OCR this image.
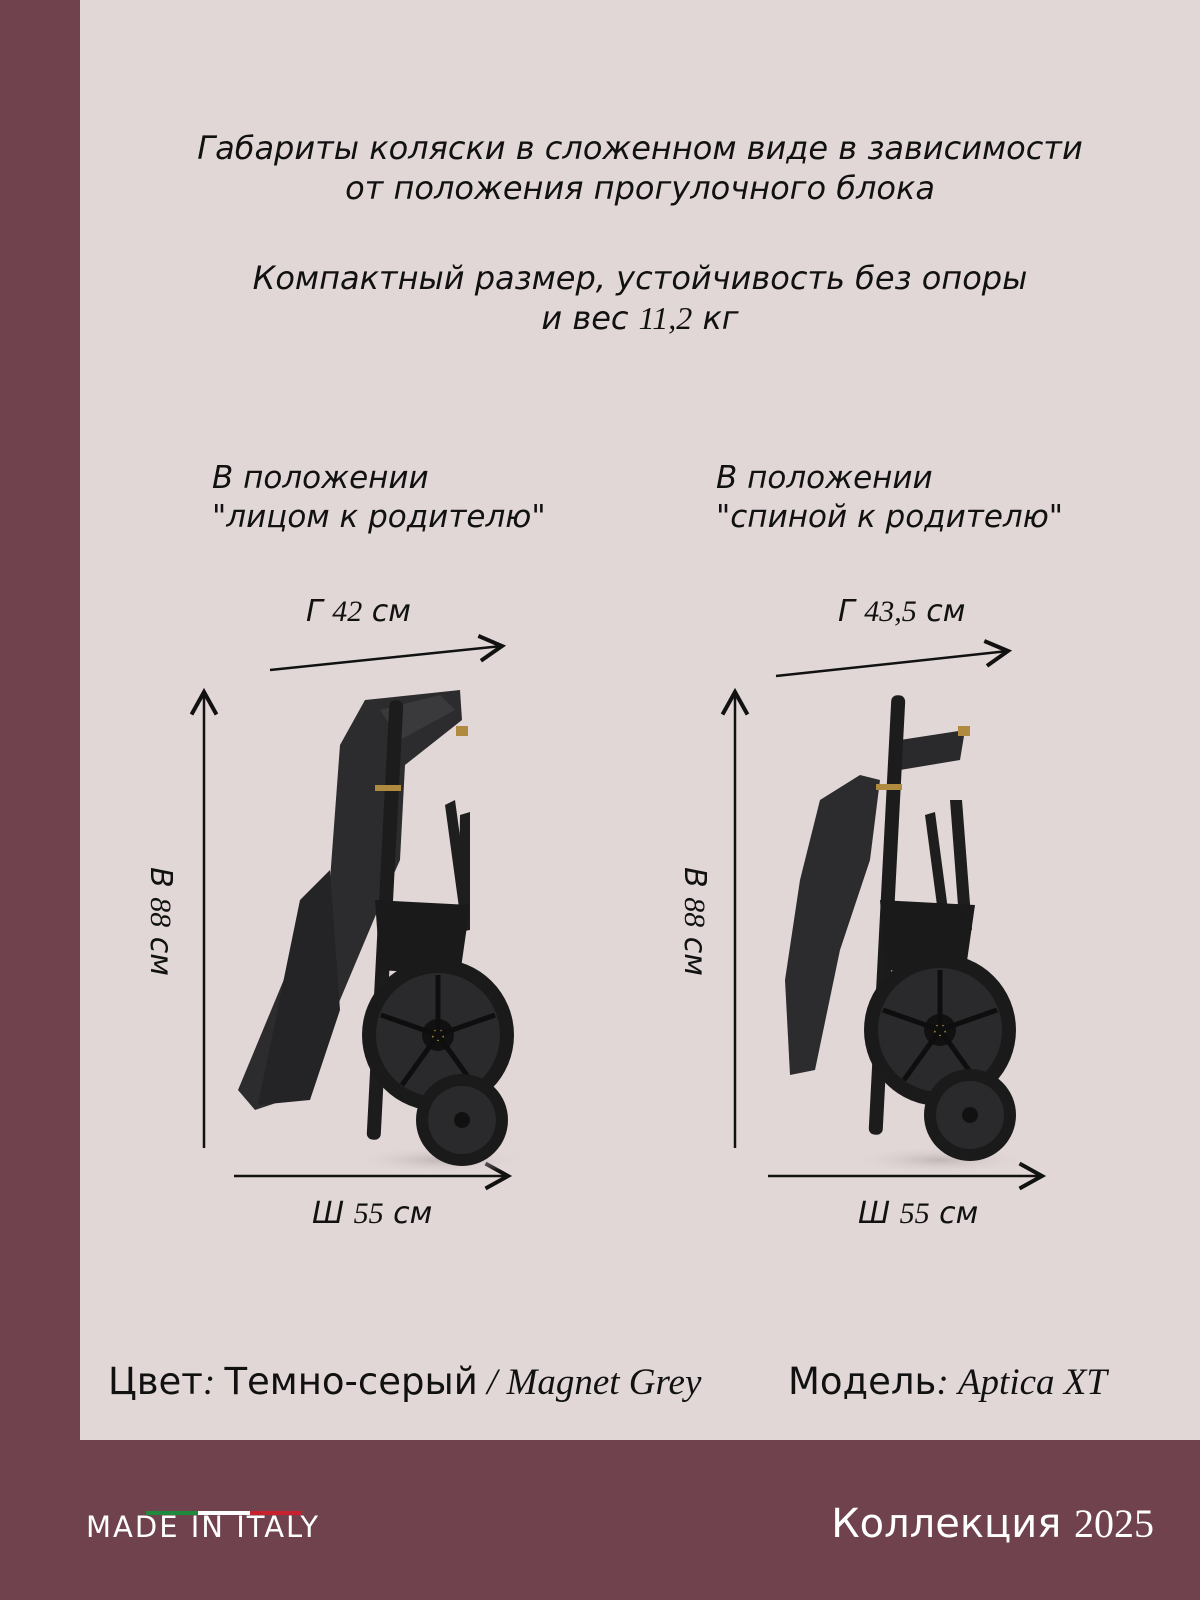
Габариты коляски в сложенном виде в зависимости
от положения прогулочного блока
Компактный размер, устойчивость без опоры
и вес 11,2 кг
В положении
"лицом к родителю"
В положении
"спиной к родителю"
Г 42 см
В 88 см
Ш 55 см
Г 43,5 см
В 88 см
Ш 55 см
Цвет: Темно-серый / Magnet Grey Модель: Aptica XT
MADE IN ITALY	Коллекция 2025
